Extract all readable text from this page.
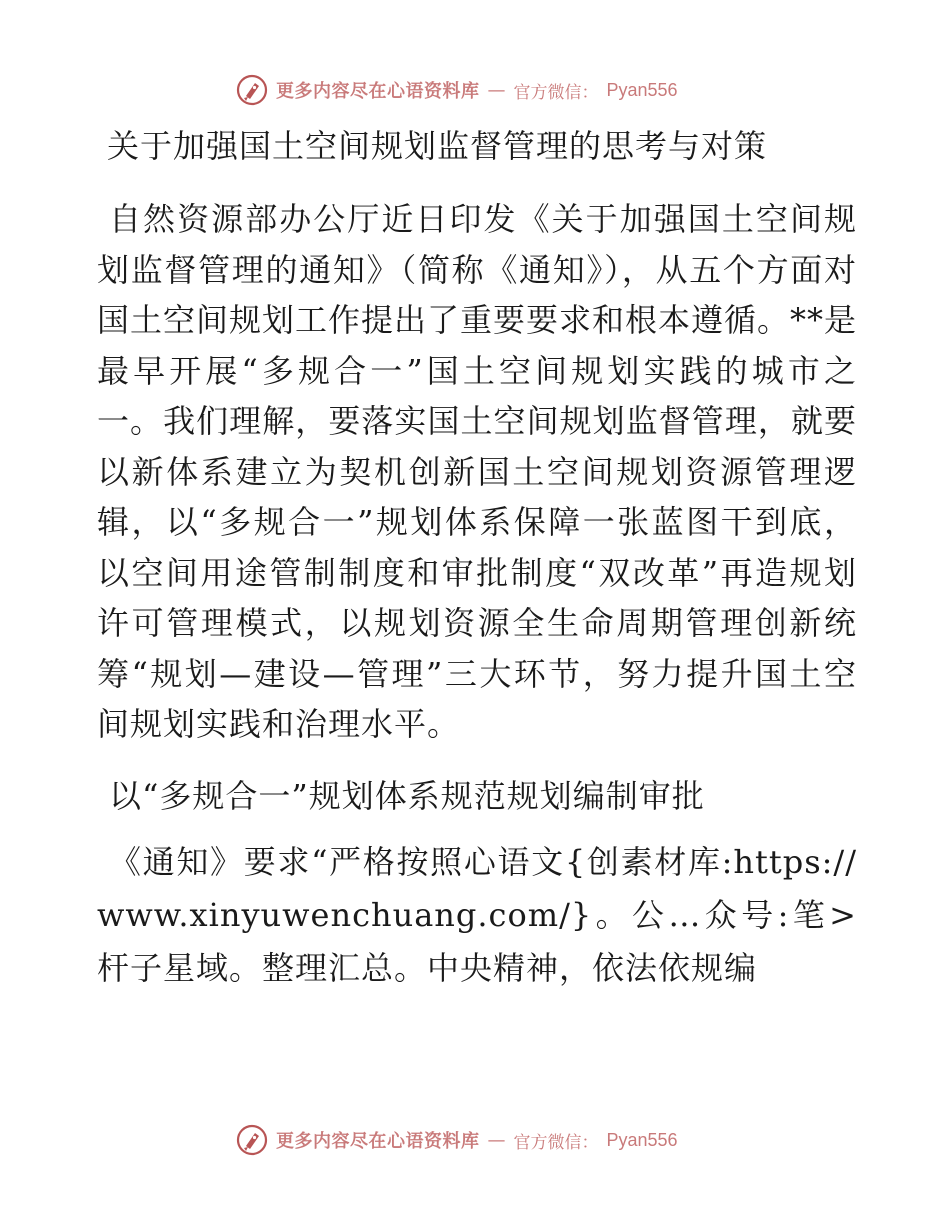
更多内容尽在心语资料库 — 官方微信： Pyan556
关于加强国土空间规划监督管理的思考与对策

自然资源部办公厅近日印发《关于加强国土空间规划监督管理的通知》（简称《通知》），从五个方面对国土空间规划工作提出了重要要求和根本遵循。**是最早开展“多规合一”国土空间规划实践的城市之一。我们理解，要落实国土空间规划监督管理，就要以新体系建立为契机创新国土空间规划资源管理逻辑，以“多规合一”规划体系保障一张蓝图干到底，以空间用途管制制度和审批制度“双改革”再造规划许可管理模式，以规划资源全生命周期管理创新统筹“规划—建设—管理”三大环节，努力提升国土空间规划实践和治理水平。

以“多规合一”规划体系规范规划编制审批

《通知》要求“严格按照心语文{创素材库:https://www.xinyuwenchuang.com/}。公…众号:笔>杆子星域。整理汇总。中央精神，依法依规编

更多内容尽在心语资料库 — 官方微信： Pyan556
